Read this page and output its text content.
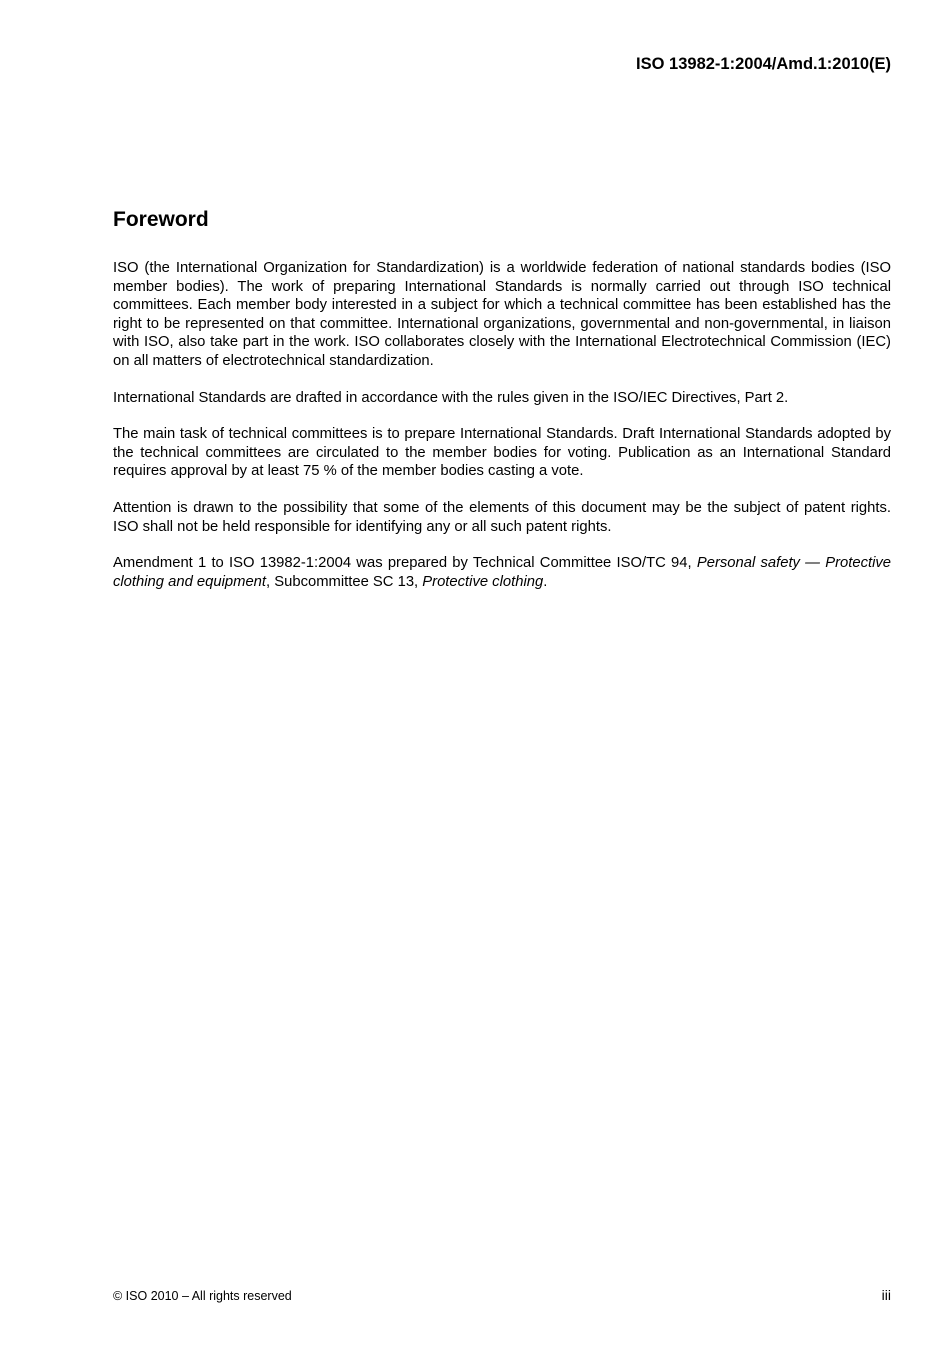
ISO 13982-1:2004/Amd.1:2010(E)
Foreword

ISO (the International Organization for Standardization) is a worldwide federation of national standards bodies (ISO member bodies). The work of preparing International Standards is normally carried out through ISO technical committees. Each member body interested in a subject for which a technical committee has been established has the right to be represented on that committee. International organizations, governmental and non-governmental, in liaison with ISO, also take part in the work. ISO collaborates closely with the International Electrotechnical Commission (IEC) on all matters of electrotechnical standardization.

International Standards are drafted in accordance with the rules given in the ISO/IEC Directives, Part 2.

The main task of technical committees is to prepare International Standards. Draft International Standards adopted by the technical committees are circulated to the member bodies for voting. Publication as an International Standard requires approval by at least 75 % of the member bodies casting a vote.

Attention is drawn to the possibility that some of the elements of this document may be the subject of patent rights. ISO shall not be held responsible for identifying any or all such patent rights.

Amendment 1 to ISO 13982-1:2004 was prepared by Technical Committee ISO/TC 94, Personal safety — Protective clothing and equipment, Subcommittee SC 13, Protective clothing.

© ISO 2010 – All rights reserved	iii
